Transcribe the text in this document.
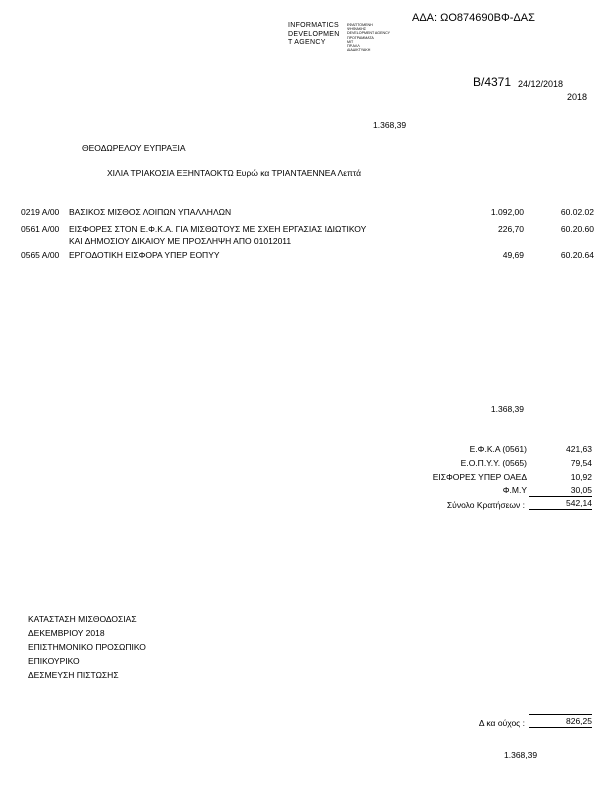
ΑΔΑ: ΩΟ874690ΒΦ-ΔΑΣ
INFORMATICS
DEVELOPMEN
T AGENCY
ΕΦΑΠΤΟΜΕΝΗ
ΨΗΦΙΑΚΗΣ
DEVELOPMENT AGENCY
ΠΡΟΓΡΑΜΜΑΤΑ
ΜΙΤ
ΠΡ.ΑΛΛ
ΔΙΑΔΙΚΤΥΑΚΗ
Β/4371 24/12/2018
2018
1.368,39
ΘΕΟΔΩΡΕΛΟΥ ΕΥΠΡΑΞΙΑ
ΧΙΛΙΑ ΤΡΙΑΚΟΣΙΑ ΕΞΗΝΤΑΟΚΤΩ Ευρώ κα ΤΡΙΑΝΤΑΕΝΝΕΑ Λεπτά
0219 Α/00 ΒΑΣΙΚΟΣ ΜΙΣΘΟΣ ΛΟΙΠΩΝ ΥΠΑΛΛΗΛΩΝ	1.092,00	60.02.02
0561 Α/00 ΕΙΣΦΟΡΕΣ ΣΤΟΝ Ε.Φ.Κ.Α. ΓΙΑ ΜΙΣΘΩΤΟΥΣ ΜΕ ΣΧΕΗ ΕΡΓΑΣΙΑΣ ΙΔΙΩΤΙΚΟΥ
ΚΑΙ ΔΗΜΟΣΙΟΥ ΔΙΚΑΙΟΥ ΜΕ ΠΡΟΣΛΗΨΗ ΑΠΟ 01012011
226,70	60.20.60
0565 Α/00 ΕΡΓΟΔΟΤΙΚΗ ΕΙΣΦΟΡΑ ΥΠΕΡ ΕΟΠΥΥ	49,69	60.20.64
1.368,39
Ε.Φ.Κ.Α (0561)	421,63
Ε.Ο.Π.Υ.Υ. (0565)	79,54
ΕΙΣΦΟΡΕΣ ΥΠΕΡ ΟΑΕΔ	10,92
Φ.Μ.Υ	30,05
Σύνολο Κρατήσεων :	542,14
ΚΑΤΑΣΤΑΣΗ ΜΙΣΘΟΔΟΣΙΑΣ
ΔΕΚΕΜΒΡΙΟΥ 2018
ΕΠΙΣΤΗΜΟΝΙΚΟ ΠΡΟΣΩΠΙΚΟ
ΕΠΙΚΟΥΡΙΚΟ
ΔΕΣΜΕΥΣΗ ΠΙΣΤΩΣΗΣ
Δ κα ούχος :	826,25
1.368,39
